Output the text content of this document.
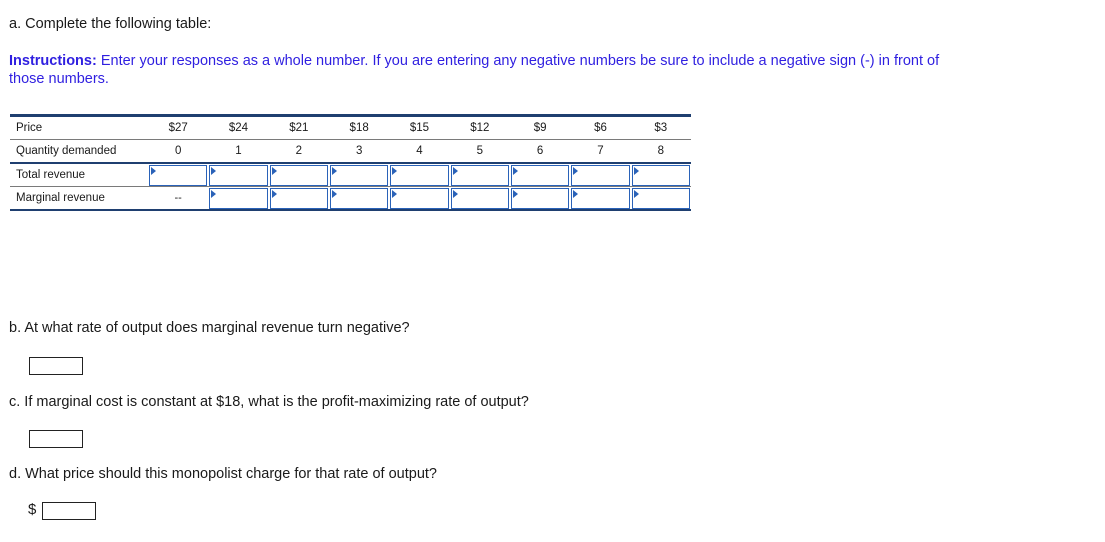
a. Complete the following table:
Instructions: Enter your responses as a whole number. If you are entering any negative numbers be sure to include a negative sign (-) in front of those numbers.
Price	$27	$24	$21	$18	$15	$12	$9	$6	$3
Quantity demanded	0	1	2	3	4	5	6	7	8
Total revenue	

Marginal revenue	--	

b. At what rate of output does marginal revenue turn negative?
c. If marginal cost is constant at $18, what is the profit-maximizing rate of output?
d. What price should this monopolist charge for that rate of output?
$
